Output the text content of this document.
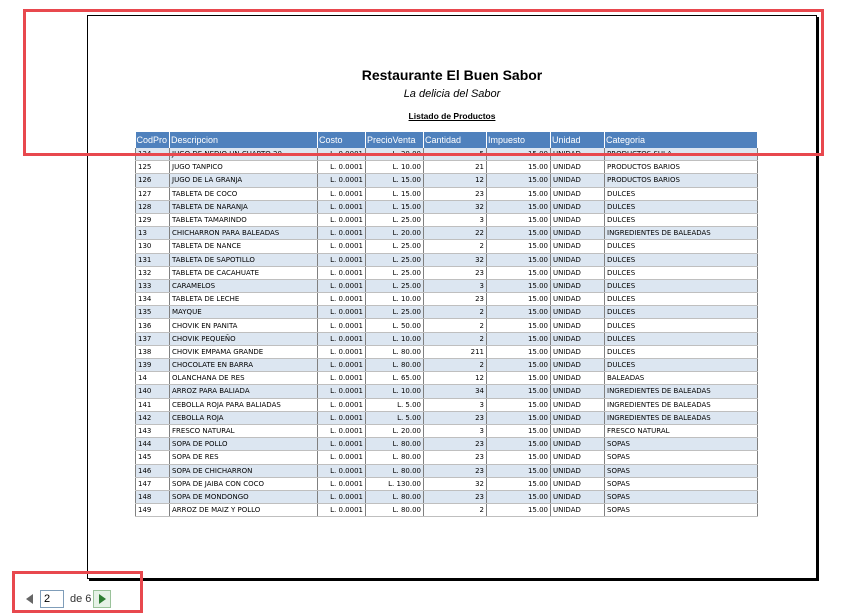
Restaurante El Buen Sabor
La delicia del Sabor
Listado de Productos
CodPro	Descripcion	Costo	PrecioVenta	Cantidad	Impuesto	Unidad	Categoria
124	JUGO DE NEDIO UN CUARTO 20	L. 0.0001	L. 20.00	5	15.00	UNIDAD	PRODUCTOS SULA
125	JUGO TANPICO	L. 0.0001	L. 10.00	21	15.00	UNIDAD	PRODUCTOS BARIOS
126	JUGO DE LA GRANJA	L. 0.0001	L. 15.00	12	15.00	UNIDAD	PRODUCTOS BARIOS
127	TABLETA DE COCO	L. 0.0001	L. 15.00	23	15.00	UNIDAD	DULCES
128	TABLETA DE NARANJA	L. 0.0001	L. 15.00	32	15.00	UNIDAD	DULCES
129	TABLETA TAMARINDO	L. 0.0001	L. 25.00	3	15.00	UNIDAD	DULCES
13	CHICHARRON PARA BALEADAS	L. 0.0001	L. 20.00	22	15.00	UNIDAD	INGREDIENTES DE BALEADAS
130	TABLETA DE NANCE	L. 0.0001	L. 25.00	2	15.00	UNIDAD	DULCES
131	TABLETA DE SAPOTILLO	L. 0.0001	L. 25.00	32	15.00	UNIDAD	DULCES
132	TABLETA DE CACAHUATE	L. 0.0001	L. 25.00	23	15.00	UNIDAD	DULCES
133	CARAMELOS	L. 0.0001	L. 25.00	3	15.00	UNIDAD	DULCES
134	TABLETA DE LECHE	L. 0.0001	L. 10.00	23	15.00	UNIDAD	DULCES
135	MAYQUE	L. 0.0001	L. 25.00	2	15.00	UNIDAD	DULCES
136	CHOVIK EN PANITA	L. 0.0001	L. 50.00	2	15.00	UNIDAD	DULCES
137	CHOVIK PEQUEÑO	L. 0.0001	L. 10.00	2	15.00	UNIDAD	DULCES
138	CHOVIK EMPAMA GRANDE	L. 0.0001	L. 80.00	211	15.00	UNIDAD	DULCES
139	CHOCOLATE EN BARRA	L. 0.0001	L. 80.00	2	15.00	UNIDAD	DULCES
14	OLANCHANA DE RES	L. 0.0001	L. 65.00	12	15.00	UNIDAD	BALEADAS
140	ARROZ PARA BALIADA	L. 0.0001	L. 10.00	34	15.00	UNIDAD	INGREDIENTES DE BALEADAS
141	CEBOLLA ROJA PARA BALIADAS	L. 0.0001	L. 5.00	3	15.00	UNIDAD	INGREDIENTES DE BALEADAS
142	CEBOLLA ROJA	L. 0.0001	L. 5.00	23	15.00	UNIDAD	INGREDIENTES DE BALEADAS
143	FRESCO NATURAL	L. 0.0001	L. 20.00	3	15.00	UNIDAD	FRESCO NATURAL
144	SOPA DE POLLO	L. 0.0001	L. 80.00	23	15.00	UNIDAD	SOPAS
145	SOPA DE RES	L. 0.0001	L. 80.00	23	15.00	UNIDAD	SOPAS
146	SOPA DE CHICHARRON	L. 0.0001	L. 80.00	23	15.00	UNIDAD	SOPAS
147	SOPA DE JAIBA CON COCO	L. 0.0001	L. 130.00	32	15.00	UNIDAD	SOPAS
148	SOPA DE MONDONGO	L. 0.0001	L. 80.00	23	15.00	UNIDAD	SOPAS
149	ARROZ DE MAIZ Y POLLO	L. 0.0001	L. 80.00	2	15.00	UNIDAD	SOPAS
2
de 6
